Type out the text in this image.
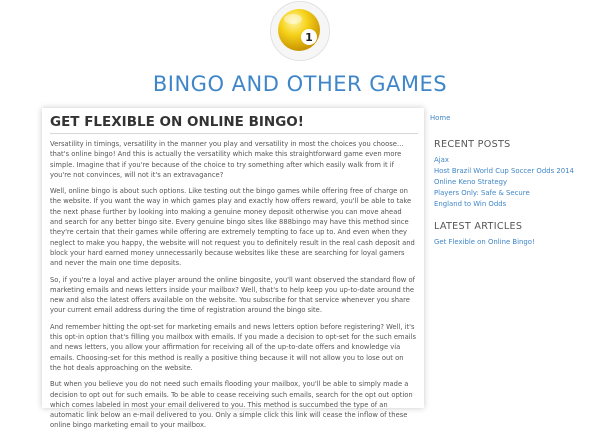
1
BINGO AND OTHER GAMES
GET FLEXIBLE ON ONLINE BINGO!

Versatility in timings, versatility in the manner you play and versatility in most the choices you choose… that's online bingo! And this is actually the versatility which make this straightforward game even more simple. Imagine that if you're because of the choice to try something after which easily walk from it if you're not convinces, will not it's an extravagance?

Well, online bingo is about such options. Like testing out the bingo games while offering free of charge on the website. If you want the way in which games play and exactly how offers reward, you'll be able to take the next phase further by looking into making a genuine money deposit otherwise you can move ahead and search for any better bingo site. Every genuine bingo sites like 888bingo may have this method since they're certain that their games while offering are extremely tempting to face up to. And even when they neglect to make you happy, the website will not request you to definitely result in the real cash deposit and block your hard earned money unnecessarily because websites like these are searching for loyal gamers and never the main one time deposits.

So, if you're a loyal and active player around the online bingosite, you'll want observed the standard flow of marketing emails and news letters inside your mailbox? Well, that's to help keep you up-to-date around the new and also the latest offers available on the website. You subscribe for that service whenever you share your current email address during the time of registration around the bingo site.

And remember hitting the opt-set for marketing emails and news letters option before registering? Well, it's this opt-in option that's filling you mailbox with emails. If you made a decision to opt-set for the such emails and news letters, you allow your affirmation for receiving all of the up-to-date offers and knowledge via emails. Choosing-set for this method is really a positive thing because it will not allow you to lose out on the hot deals approaching on the website.

But when you believe you do not need such emails flooding your mailbox, you'll be able to simply made a decision to opt out for such emails. To be able to cease receiving such emails, search for the opt out option which comes labeled in most your email delivered to you. This method is succumbed the type of an automatic link below an e-mail delivered to you. Only a simple click this link will cease the inflow of these online bingo marketing email to your mailbox.

Home
RECENT POSTS
Ajax
Host Brazil World Cup Soccer Odds 2014
Online Keno Strategy
Players Only: Safe & Secure
England to Win Odds
LATEST ARTICLES
Get Flexible on Online Bingo!
